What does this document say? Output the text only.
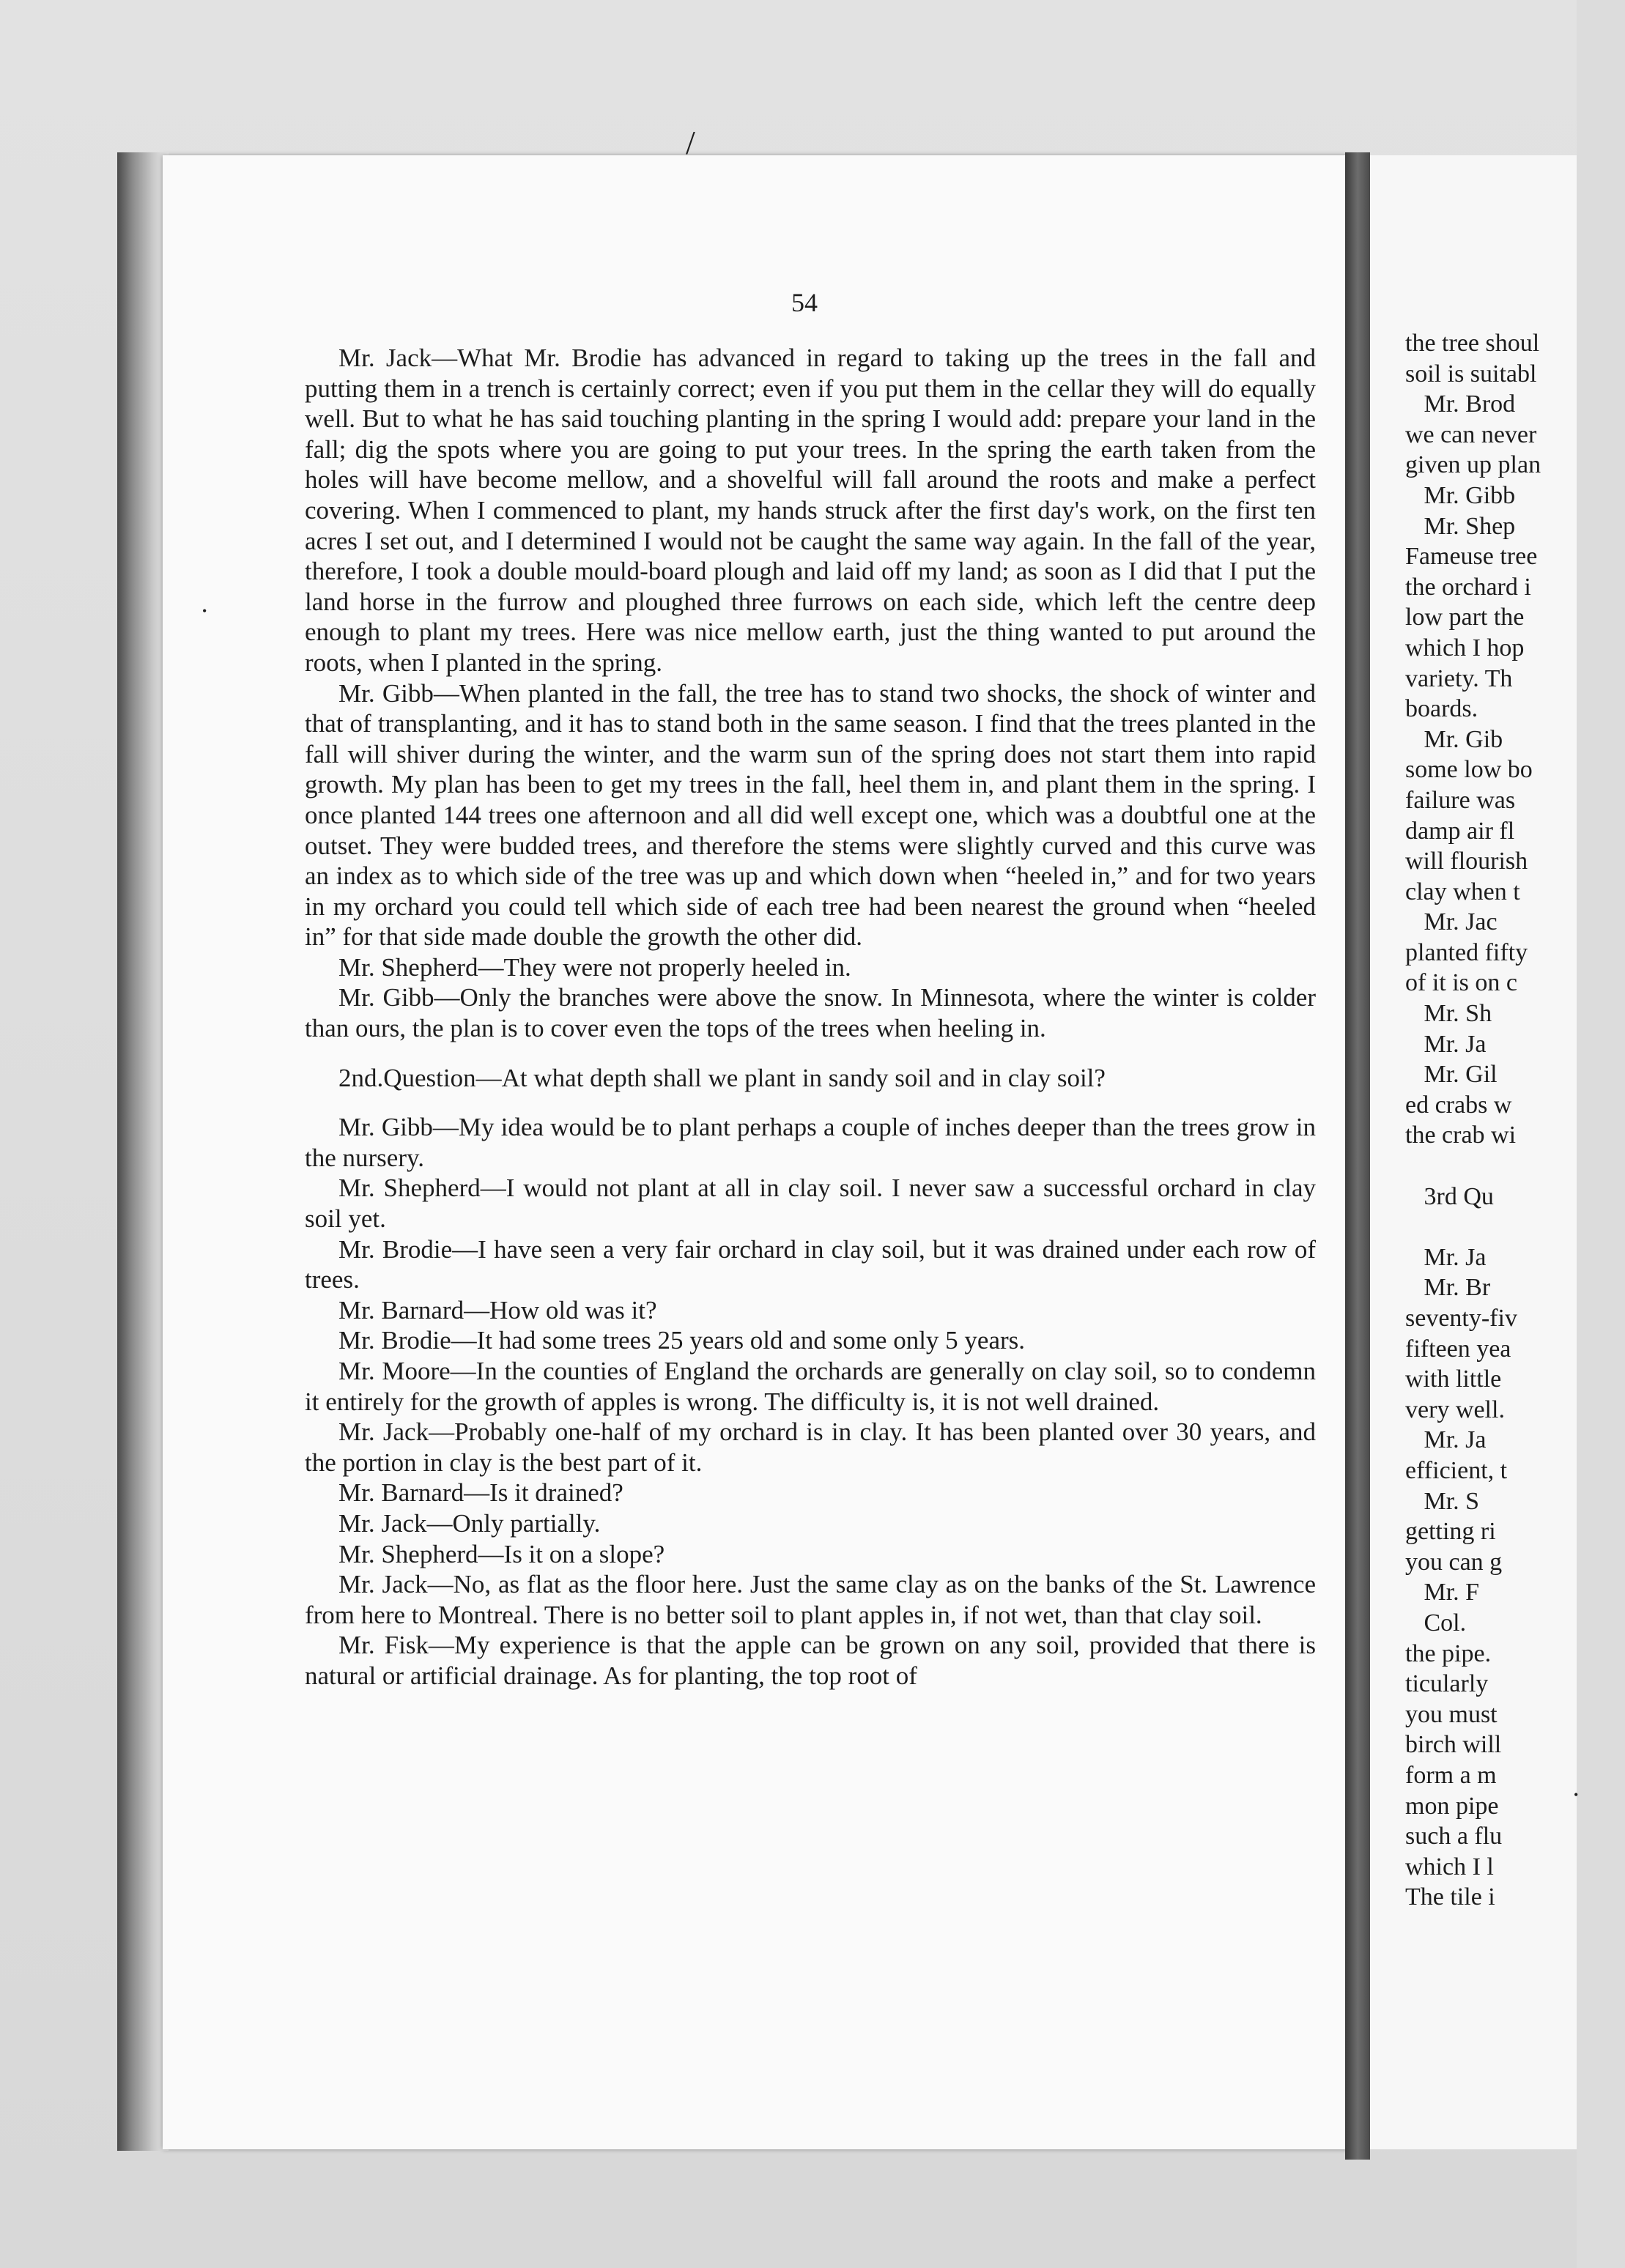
/
•
•
54

Mr. Jack—What Mr. Brodie has advanced in regard to taking up the trees in the fall and putting them in a trench is certainly correct; even if you put them in the cellar they will do equally well. But to what he has said touching planting in the spring I would add: prepare your land in the fall; dig the spots where you are going to put your trees. In the spring the earth taken from the holes will have become mellow, and a shovelful will fall around the roots and make a perfect covering. When I commenced to plant, my hands struck after the first day's work, on the first ten acres I set out, and I determined I would not be caught the same way again. In the fall of the year, therefore, I took a double mould-board plough and laid off my land; as soon as I did that I put the land horse in the furrow and ploughed three furrows on each side, which left the centre deep enough to plant my trees. Here was nice mellow earth, just the thing wanted to put around the roots, when I planted in the spring.

Mr. Gibb—When planted in the fall, the tree has to stand two shocks, the shock of winter and that of transplanting, and it has to stand both in the same season. I find that the trees planted in the fall will shiver during the winter, and the warm sun of the spring does not start them into rapid growth. My plan has been to get my trees in the fall, heel them in, and plant them in the spring. I once planted 144 trees one afternoon and all did well except one, which was a doubtful one at the outset. They were budded trees, and therefore the stems were slightly curved and this curve was an index as to which side of the tree was up and which down when “heeled in,” and for two years in my orchard you could tell which side of each tree had been nearest the ground when “heeled in” for that side made double the growth the other did.

Mr. Shepherd—They were not properly heeled in.

Mr. Gibb—Only the branches were above the snow. In Minnesota, where the winter is colder than ours, the plan is to cover even the tops of the trees when heeling in.

2nd.Question—At what depth shall we plant in sandy soil and in clay soil?

Mr. Gibb—My idea would be to plant perhaps a couple of inches deeper than the trees grow in the nursery.

Mr. Shepherd—I would not plant at all in clay soil. I never saw a successful orchard in clay soil yet.

Mr. Brodie—I have seen a very fair orchard in clay soil, but it was drained under each row of trees.

Mr. Barnard—How old was it?

Mr. Brodie—It had some trees 25 years old and some only 5 years.

Mr. Moore—In the counties of England the orchards are generally on clay soil, so to condemn it entirely for the growth of apples is wrong. The difficulty is, it is not well drained.

Mr. Jack—Probably one-half of my orchard is in clay. It has been planted over 30 years, and the portion in clay is the best part of it.

Mr. Barnard—Is it drained?

Mr. Jack—Only partially.

Mr. Shepherd—Is it on a slope?

Mr. Jack—No, as flat as the floor here. Just the same clay as on the banks of the St. Lawrence from here to Montreal. There is no better soil to plant apples in, if not wet, than that clay soil.

Mr. Fisk—My experience is that the apple can be grown on any soil, provided that there is natural or artificial drainage. As for planting, the top root of

the tree shoul
soil is suitabl
Mr. Brod
we can never
given up plan
Mr. Gibb
Mr. Shep
Fameuse tree
the orchard i
low part the
which I hop
variety. Th
boards.
Mr. Gib
some low bo
failure was
damp air fl
will flourish
clay when t
Mr. Jac
planted fifty
of it is on c
Mr. Sh
Mr. Ja
Mr. Gil
ed crabs w
the crab wi
3rd Qu
Mr. Ja
Mr. Br
seventy-fiv
fifteen yea
with little
very well.
Mr. Ja
efficient, t
Mr. S
getting ri
you can g
Mr. F
Col.
the pipe.
ticularly
you must
birch will
form a m
mon pipe
such a flu
which I l
The tile i
